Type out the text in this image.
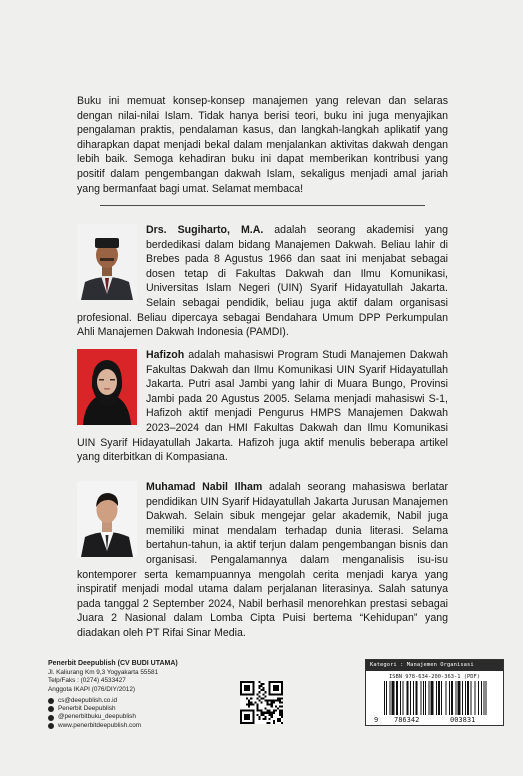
Buku ini memuat konsep-konsep manajemen yang relevan dan selaras dengan nilai-nilai Islam. Tidak hanya berisi teori, buku ini juga menyajikan pengalaman praktis, pendalaman kasus, dan langkah-langkah aplikatif yang diharapkan dapat menjadi bekal dalam menjalankan aktivitas dakwah dengan lebih baik. Semoga kehadiran buku ini dapat memberikan kontribusi yang positif dalam pengembangan dakwah Islam, sekaligus menjadi amal jariah yang bermanfaat bagi umat. Selamat membaca!

Drs. Sugiharto, M.A. adalah seorang akademisi yang berdedikasi dalam bidang Manajemen Dakwah. Beliau lahir di Brebes pada 8 Agustus 1966 dan saat ini menjabat sebagai dosen tetap di Fakultas Dakwah dan Ilmu Komunikasi, Universitas Islam Negeri (UIN) Syarif Hidayatullah Jakarta. Selain sebagai pendidik, beliau juga aktif dalam organisasi profesional. Beliau dipercaya sebagai Bendahara Umum DPP Perkumpulan Ahli Manajemen Dakwah Indonesia (PAMDI).
Hafizoh adalah mahasiswi Program Studi Manajemen Dakwah Fakultas Dakwah dan Ilmu Komunikasi UIN Syarif Hidayatullah Jakarta. Putri asal Jambi yang lahir di Muara Bungo, Provinsi Jambi pada 20 Agustus 2005. Selama menjadi mahasiswi S-1, Hafizoh aktif menjadi Pengurus HMPS Manajemen Dakwah 2023–2024 dan HMI Fakultas Dakwah dan Ilmu Komunikasi UIN Syarif Hidayatullah Jakarta. Hafizoh juga aktif menulis beberapa artikel yang diterbitkan di Kompasiana.
Muhamad Nabil Ilham adalah seorang mahasiswa berlatar pendidikan UIN Syarif Hidayatullah Jakarta Jurusan Manajemen Dakwah. Selain sibuk mengejar gelar akademik, Nabil juga memiliki minat mendalam terhadap dunia literasi. Selama bertahun-tahun, ia aktif terjun dalam pengembangan bisnis dan organisasi. Pengalamannya dalam menganalisis isu-isu kontemporer serta kemampuannya mengolah cerita menjadi karya yang inspiratif menjadi modal utama dalam perjalanan literasinya. Salah satunya pada tanggal 2 September 2024, Nabil berhasil menorehkan prestasi sebagai Juara 2 Nasional dalam Lomba Cipta Puisi bertema “Kehidupan” yang diadakan oleh PT Rifai Sinar Media.
Penerbit Deepublish (CV BUDI UTAMA)
Jl. Kaliurang Km 9,3 Yogyakarta 55581
Telp/Faks : (0274) 4533427
Anggota IKAPI (076/DIY/2012)
cs@deepublish.co.id
Penerbit Deepublish
@penerbitbuku_deepublish
www.penerbitdeepublish.com
Kategori : Manajemen Organisasi
ISBN 978-634-200-363-1 (PDF)
9 786342	003831
